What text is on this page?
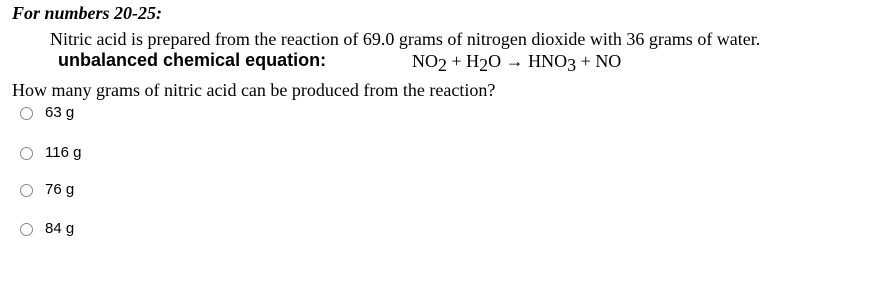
For numbers 20-25:
Nitric acid is prepared from the reaction of 69.0 grams of nitrogen dioxide with 36 grams of water.
unbalanced chemical equation:	NO2 + H2O → HNO3 + NO
How many grams of nitric acid can be produced from the reaction?
63 g
116 g
76 g
84 g
